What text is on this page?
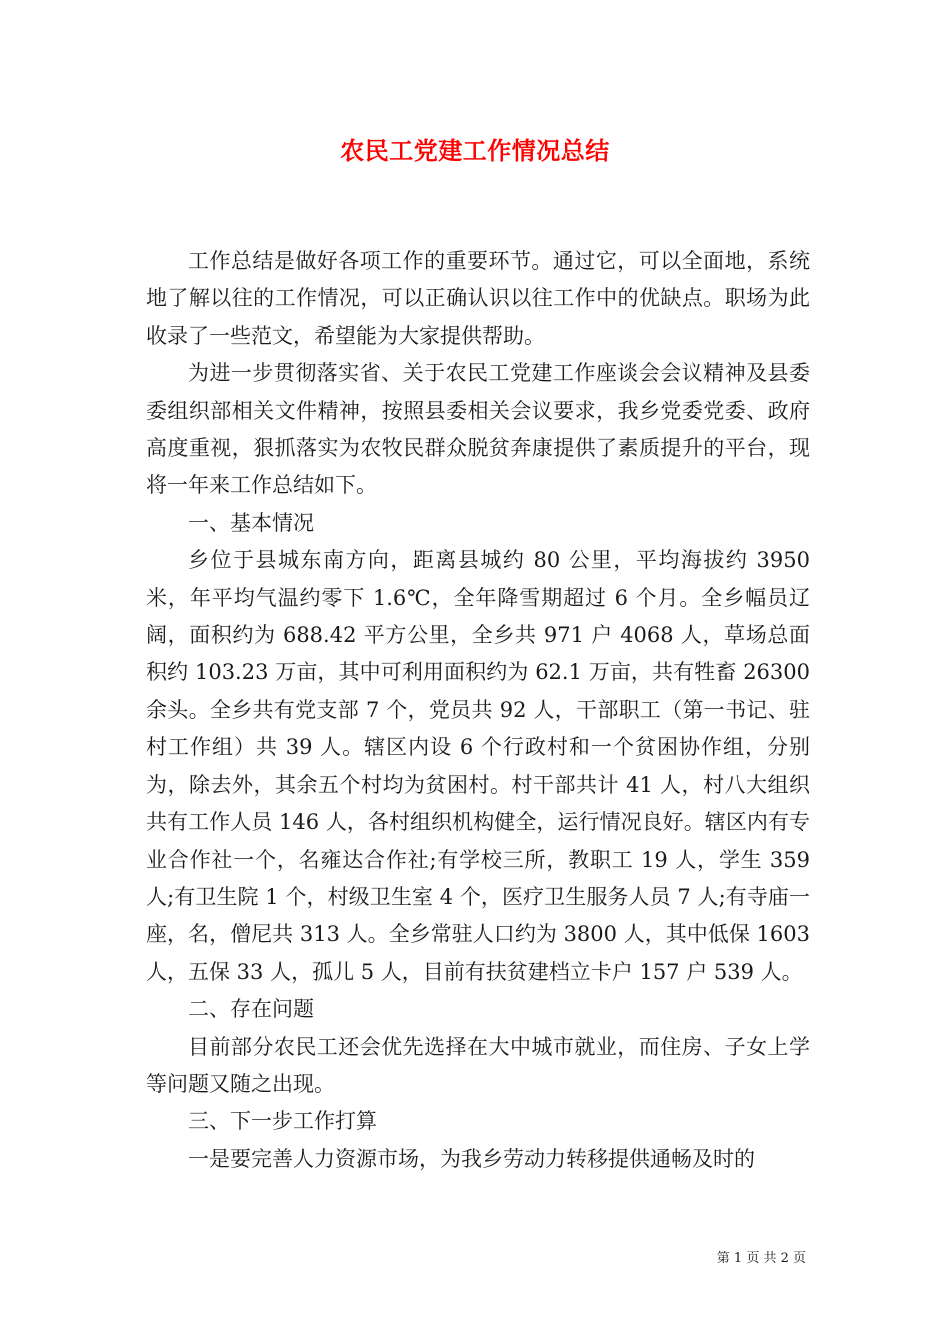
农民工党建工作情况总结

工作总结是做好各项工作的重要环节。通过它，可以全面地，系统地了解以往的工作情况，可以正确认识以往工作中的优缺点。职场为此收录了一些范文，希望能为大家提供帮助。

为进一步贯彻落实省、关于农民工党建工作座谈会会议精神及县委委组织部相关文件精神，按照县委相关会议要求，我乡党委党委、政府高度重视，狠抓落实为农牧民群众脱贫奔康提供了素质提升的平台，现将一年来工作总结如下。

一、基本情况

乡位于县城东南方向，距离县城约 80 公里，平均海拔约 3950 米，年平均气温约零下 1.6℃，全年降雪期超过 6 个月。全乡幅员辽阔，面积约为 688.42 平方公里，全乡共 971 户 4068 人，草场总面积约 103.23 万亩，其中可利用面积约为 62.1 万亩，共有牲畜 26300 余头。全乡共有党支部 7 个，党员共 92 人，干部职工（第一书记、驻村工作组）共 39 人。辖区内设 6 个行政村和一个贫困协作组，分别为，除去外，其余五个村均为贫困村。村干部共计 41 人，村八大组织共有工作人员 146 人，各村组织机构健全，运行情况良好。辖区内有专业合作社一个，名雍达合作社;有学校三所，教职工 19 人，学生 359 人;有卫生院 1 个，村级卫生室 4 个，医疗卫生服务人员 7 人;有寺庙一座，名，僧尼共 313 人。全乡常驻人口约为 3800 人，其中低保 1603 人，五保 33 人，孤儿 5 人，目前有扶贫建档立卡户 157 户 539 人。

二、存在问题

目前部分农民工还会优先选择在大中城市就业，而住房、子女上学等问题又随之出现。

三、下一步工作打算

一是要完善人力资源市场，为我乡劳动力转移提供通畅及时的

第 1 页 共 2 页
